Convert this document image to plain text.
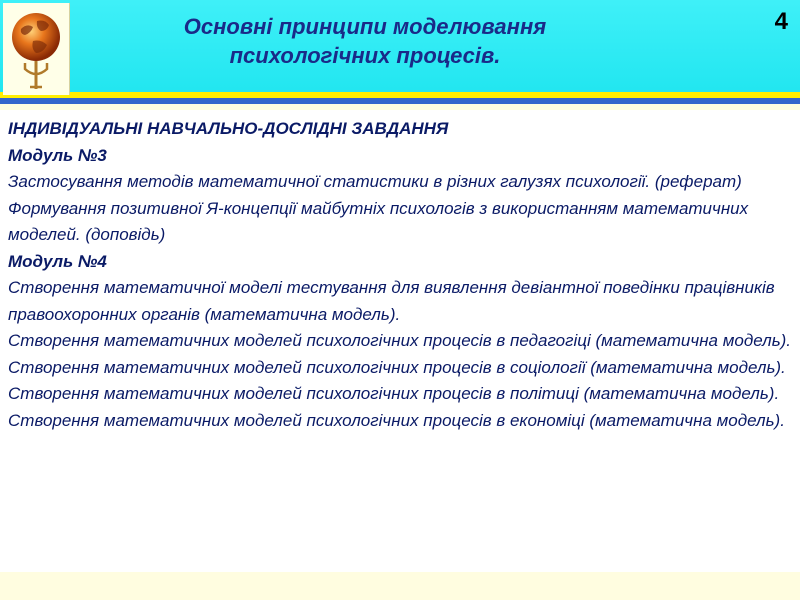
Основні принципи моделювання
психологічних процесів.
4
ІНДИВІДУАЛЬНІ НАВЧАЛЬНО-ДОСЛІДНІ ЗАВДАННЯ
Модуль №3
Застосування методів математичної статистики в різних галузях психології. (реферат)
Формування позитивної Я-концепції майбутніх психологів з використанням математичних моделей. (доповідь)
Модуль №4
Створення математичної моделі тестування для виявлення девіантної поведінки працівників правоохоронних органів (математична модель).
Створення математичних моделей психологічних процесів в педагогіці (математична модель).
Створення математичних моделей психологічних процесів в соціології (математична модель).
Створення математичних моделей психологічних процесів в політиці (математична модель).
Створення математичних моделей психологічних процесів в економіці (математична модель).
